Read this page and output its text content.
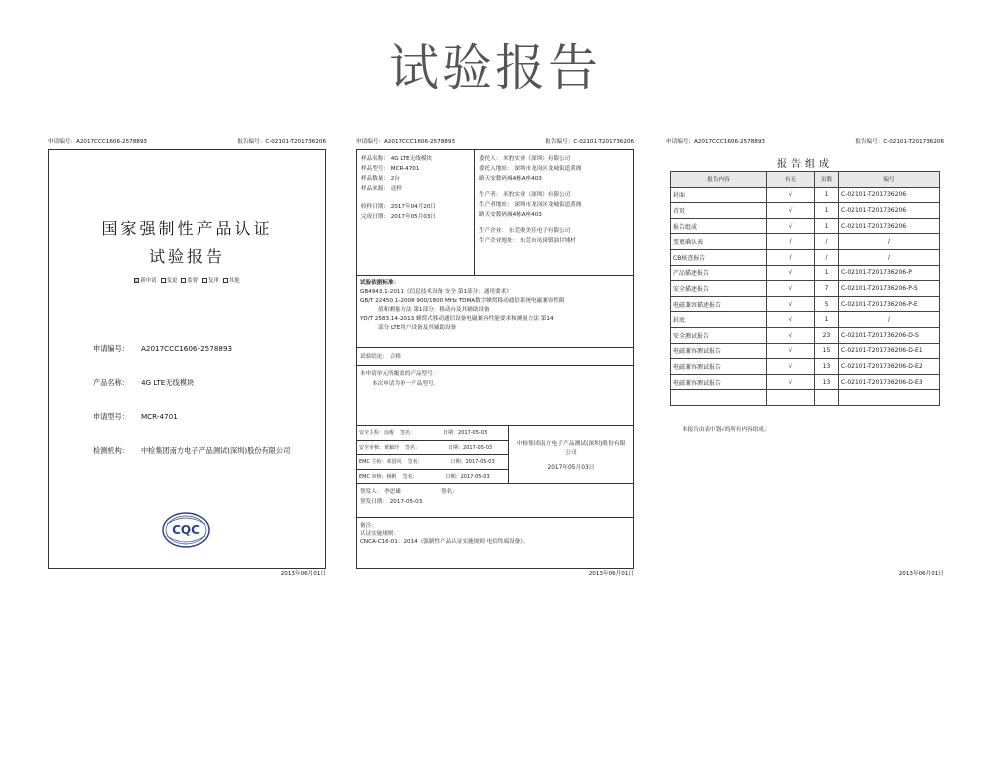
试验报告
申请编号：A2017CCC1606-2578893	报告编号：C-02101-T201736206
国家强制性产品认证
试验报告
☑ 新申请 变更 监督 复审 其他
申请编号： A2017CCC1606-2578893
产品名称： 4G LTE无线模块
申请型号： MCR-4701
检测机构： 中检集团南方电子产品测试(深圳)股份有限公司
CQC
2013年06月01日
申请编号：A2017CCC1606-2578893	报告编号：C-02101-T201736206
样品名称： 4G LTE无线模块
样品型号： MCR-4701
样品数量： 2台
样品来源： 送样
收样日期： 2017年04月20日
完成日期： 2017年05月03日
委托人： 米豹实业（深圳）有限公司
委托人地址： 深圳市龙岗区龙城街道黄阁
路天安数码城4栋A座403
生产者： 米豹实业（深圳）有限公司
生产者地址： 深圳市龙岗区龙城街道黄阁
路天安数码城4栋A座403
生产企业： 东莞奥美佳电子有限公司
生产企业地址： 东莞市凤岗镇油甘埔村
试验依据标准：
GB4943.1-2011《信息技术设备 安全 第1部分：通用要求》
GB/T 22450.1-2008 900/1800 MHz TDMA数字蜂窝移动通信系统电磁兼容性限
值和测量方法 第1部分：移动台及其辅助设备
YD/T 2583.14-2013 蜂窝式移动通信设备电磁兼容性能要求和测量方法 第14
部分 LTE用户设备及其辅助设备
试验结论： 合格
本申请单元所覆盖的产品型号：
本次申请为单一产品型号。
安全主检：涂俊 签名：	日期：2017-05-03
安全审核：黄颖玲 签名：	日期：2017-05-03
EMC 主检：邓国风 签名：	日期：2017-05-03
EMC 审核：杨帆 签名：	日期：2017-05-03
中检集团南方电子产品测试(深圳)股份有限公司
2017年05月03日
签发人： 李思雄	签名：
签发日期： 2017-05-03
备注：
认证实施规则：
CNCA-C16-01：2014《强制性产品认证实施规则 电信终端设备》。
2013年06月01日
申请编号：A2017CCC1606-2578893	报告编号：C-02101-T201736206
报告组成
报告内容	有无	页数	编号
封面	√	1	C-02101-T201736206
首页	√	1	C-02101-T201736206
报告组成	√	1	C-02101-T201736206
变更确认表	/	/	/
CB核查报告	/	/	/
产品描述报告	√	1	C-02101-T201736206-P
安全描述报告	√	7	C-02101-T201736206-P-S
电磁兼容描述报告	√	5	C-02101-T201736206-P-E
封底	√	1	/
安全测试报告	√	23	C-02101-T201736206-D-S
电磁兼容测试报告	√	15	C-02101-T201736206-D-E1
电磁兼容测试报告	√	13	C-02101-T201736206-D-E2
电磁兼容测试报告	√	13	C-02101-T201736206-D-E3

本报告由表中划√的所有内容组成。
2013年06月01日
